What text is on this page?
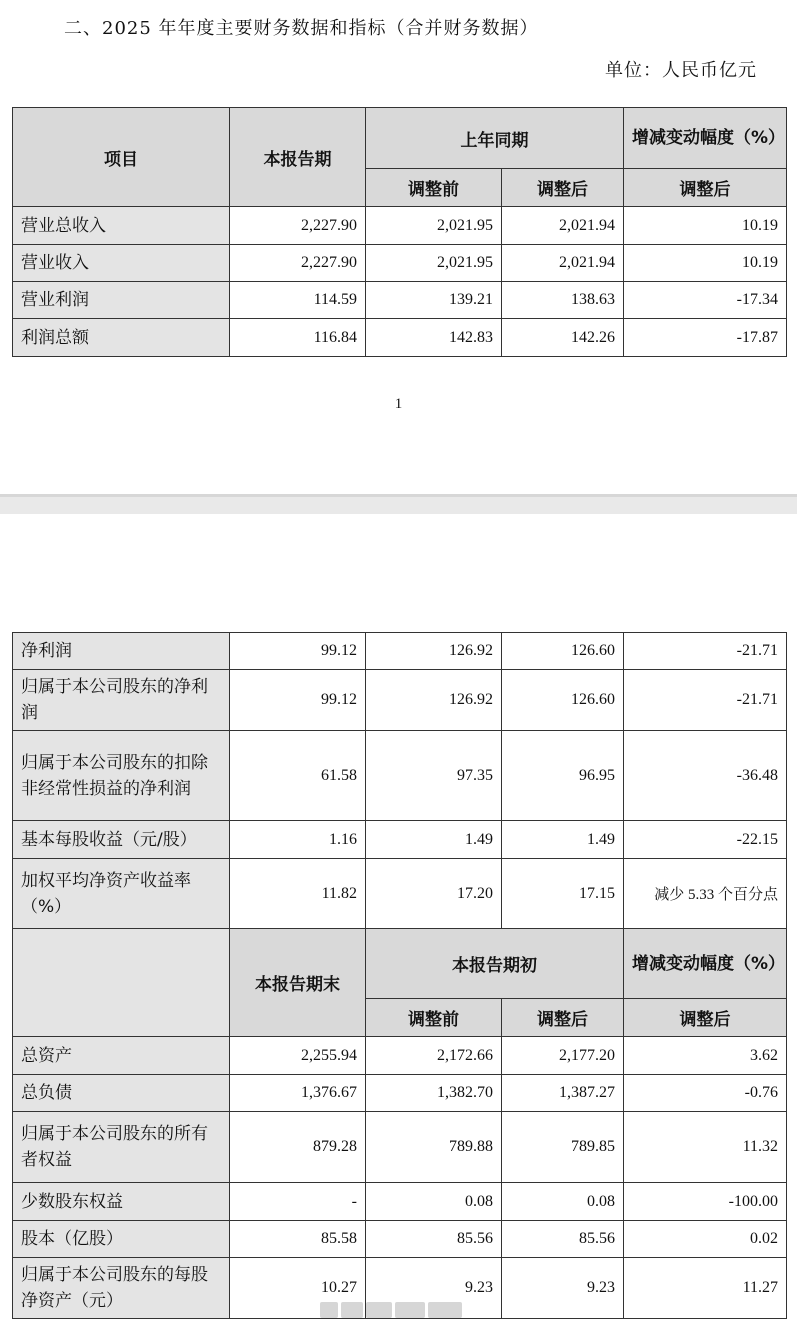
二、2025 年年度主要财务数据和指标（合并财务数据）
单位：人民币亿元
项目	本报告期	上年同期		增减变动幅度（%）
		调整前	调整后	调整后
营业总收入	2,227.90	2,021.95	2,021.94	10.19
营业收入	2,227.90	2,021.95	2,021.94	10.19
营业利润	114.59	139.21	138.63	-17.34
利润总额	116.84	142.83	142.26	-17.87
1
净利润	99.12	126.92	126.60	-21.71
归属于本公司股东的净利润	99.12	126.92	126.60	-21.71
归属于本公司股东的扣除非经常性损益的净利润	61.58	97.35	96.95	-36.48
基本每股收益（元/股）	1.16	1.49	1.49	-22.15
加权平均净资产收益率（%）	11.82	17.20	17.15	减少 5.33 个百分点
	本报告期末	本报告期初		增减变动幅度（%）
		调整前	调整后	调整后
总资产	2,255.94	2,172.66	2,177.20	3.62
总负债	1,376.67	1,382.70	1,387.27	-0.76
归属于本公司股东的所有者权益	879.28	789.88	789.85	11.32
少数股东权益	-	0.08	0.08	-100.00
股本（亿股）	85.58	85.56	85.56	0.02
归属于本公司股东的每股净资产（元）	10.27	9.23	9.23	11.27
